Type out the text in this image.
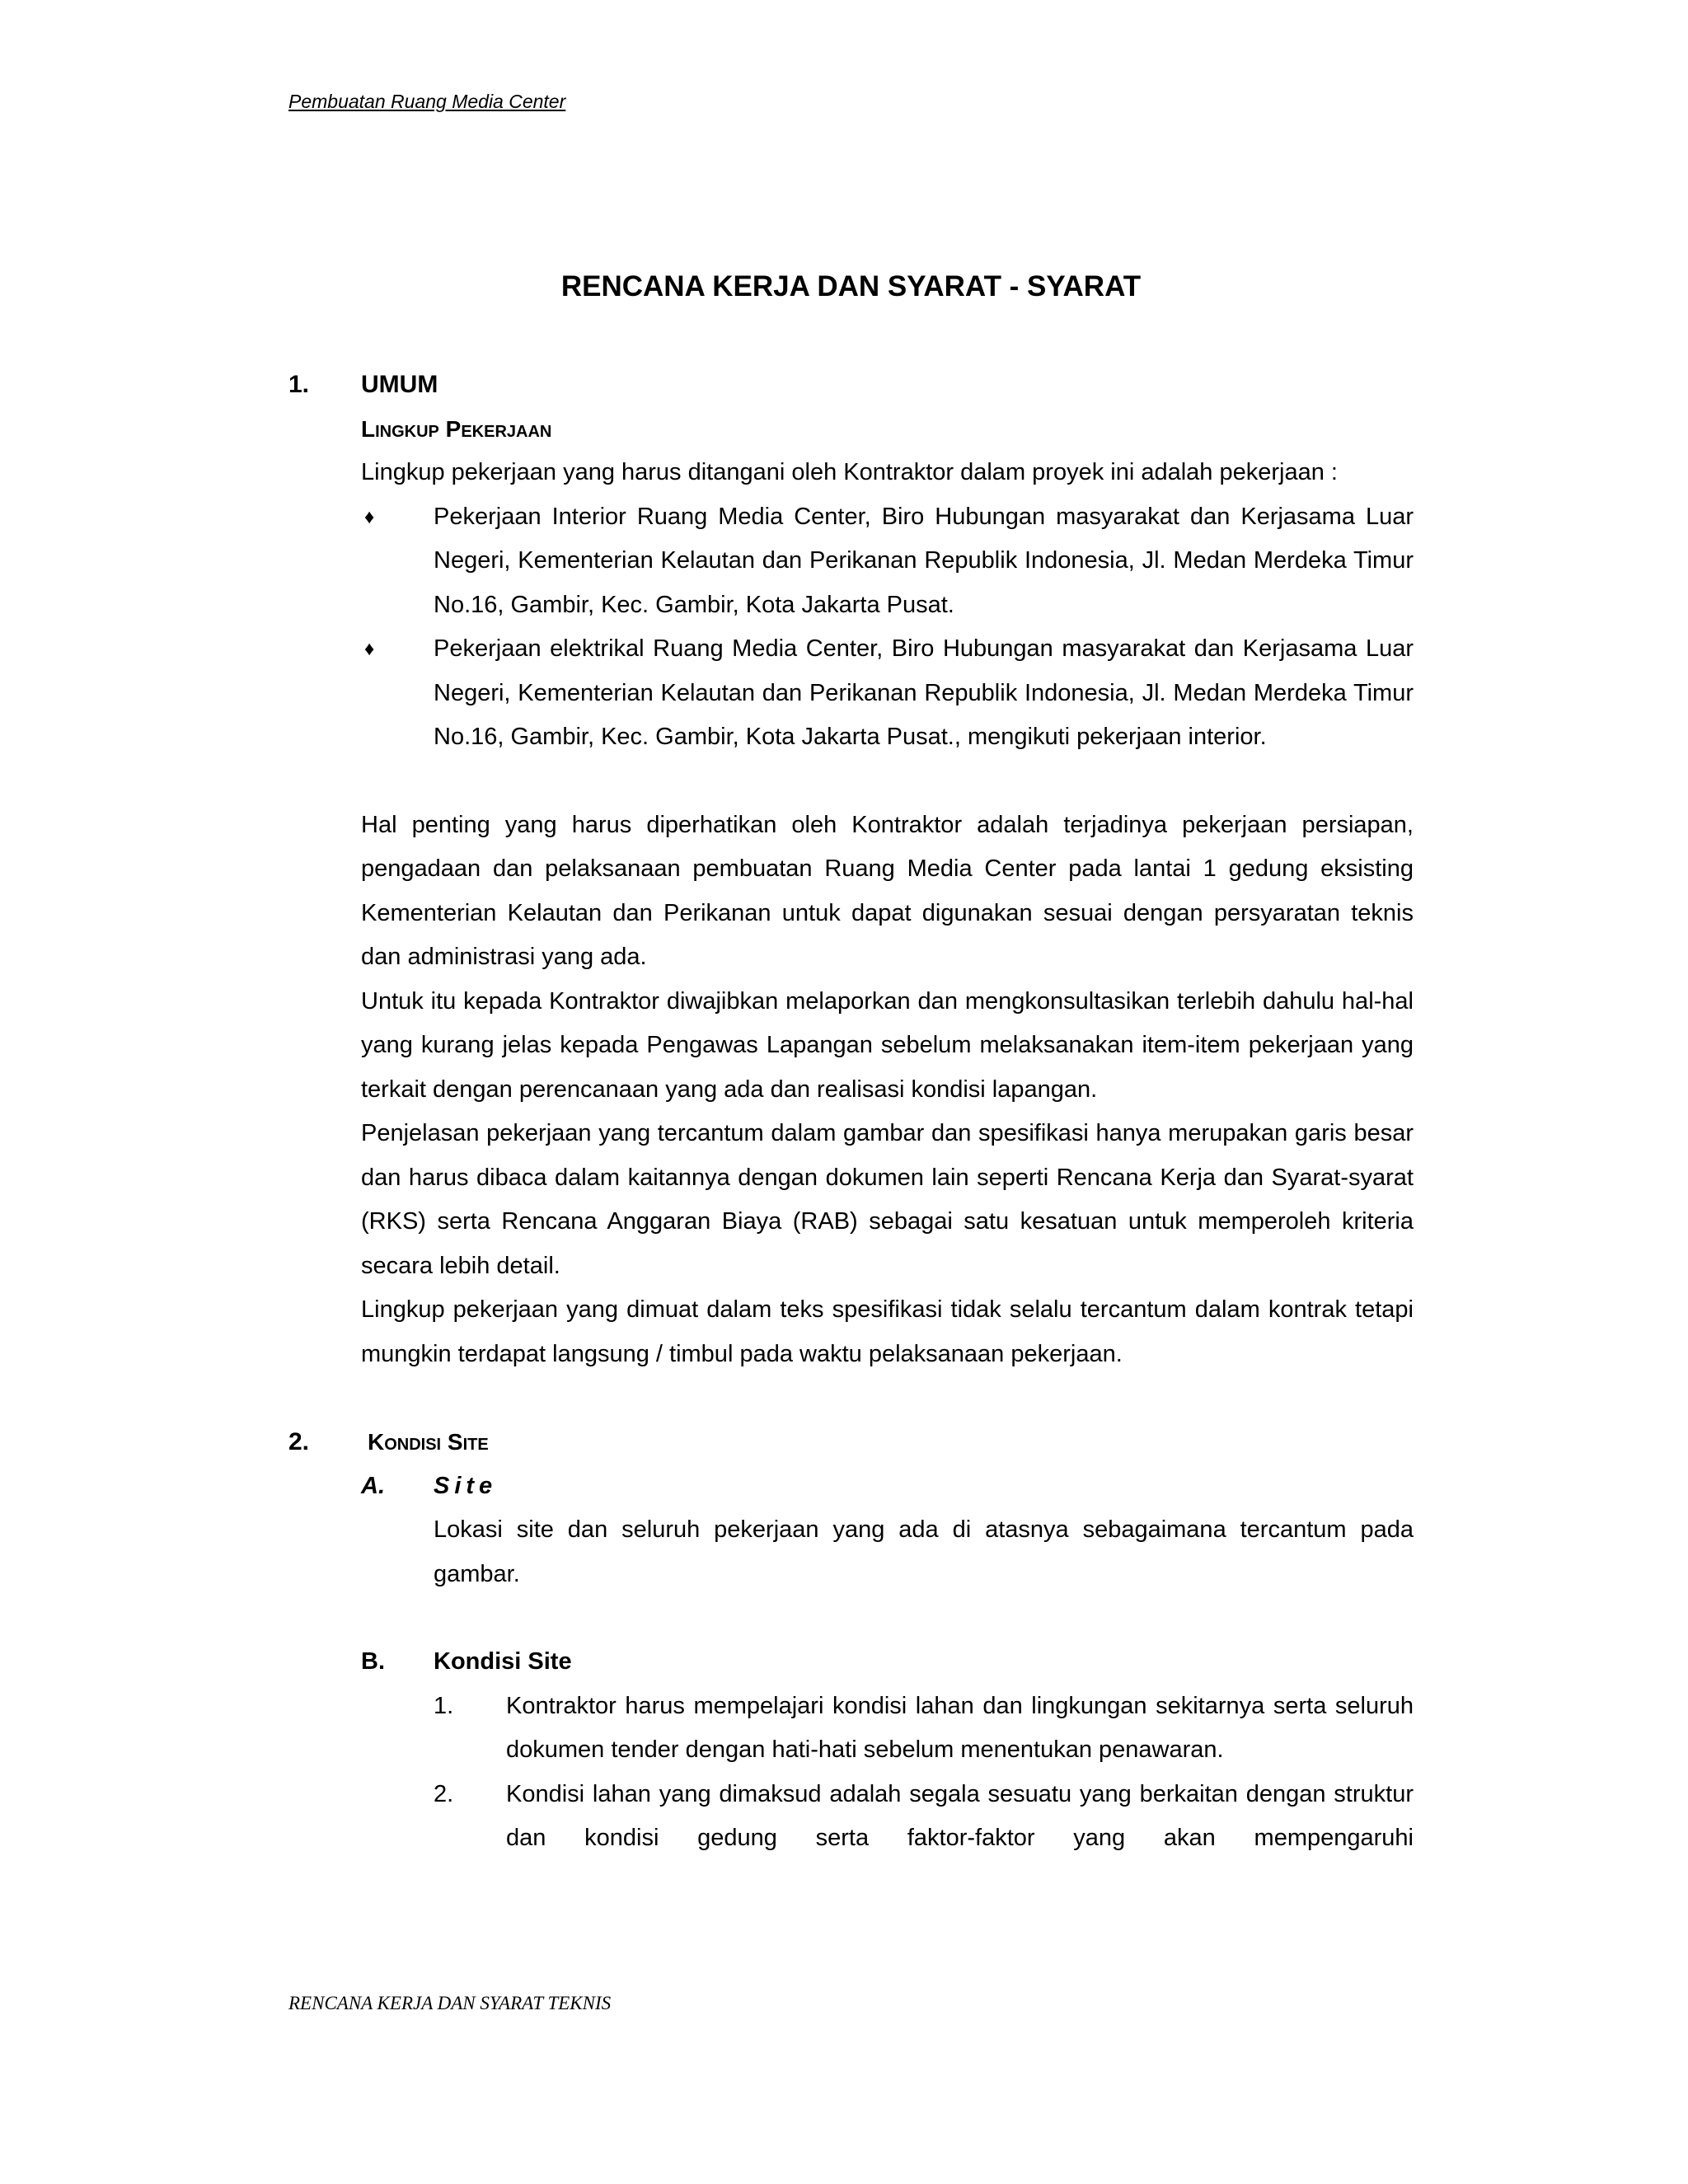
Pembuatan Ruang Media Center
RENCANA KERJA DAN SYARAT - SYARAT
1.	UMUM
Lingkup Pekerjaan

Lingkup pekerjaan yang harus ditangani oleh Kontraktor dalam proyek ini adalah pekerjaan :

♦	Pekerjaan Interior Ruang Media Center, Biro Hubungan masyarakat dan Kerjasama Luar Negeri, Kementerian Kelautan dan Perikanan Republik Indonesia, Jl. Medan Merdeka Timur No.16, Gambir, Kec. Gambir, Kota Jakarta Pusat.
♦	Pekerjaan elektrikal Ruang Media Center, Biro Hubungan masyarakat dan Kerjasama Luar Negeri, Kementerian Kelautan dan Perikanan Republik Indonesia, Jl. Medan Merdeka Timur No.16, Gambir, Kec. Gambir, Kota Jakarta Pusat., mengikuti pekerjaan interior.

Hal penting yang harus diperhatikan oleh Kontraktor adalah terjadinya pekerjaan persiapan, pengadaan dan pelaksanaan pembuatan Ruang Media Center pada lantai 1 gedung eksisting Kementerian Kelautan dan Perikanan untuk dapat digunakan sesuai dengan persyaratan teknis dan administrasi yang ada.

Untuk itu kepada Kontraktor diwajibkan melaporkan dan mengkonsultasikan terlebih dahulu hal-hal yang kurang jelas kepada Pengawas Lapangan sebelum melaksanakan item-item pekerjaan yang terkait dengan perencanaan yang ada dan realisasi kondisi lapangan.

Penjelasan pekerjaan yang tercantum dalam gambar dan spesifikasi hanya merupakan garis besar dan harus dibaca dalam kaitannya dengan dokumen lain seperti Rencana Kerja dan Syarat-syarat (RKS) serta Rencana Anggaran Biaya (RAB) sebagai satu kesatuan untuk memperoleh kriteria secara lebih detail.

Lingkup pekerjaan yang dimuat dalam teks spesifikasi tidak selalu tercantum dalam kontrak tetapi mungkin terdapat langsung / timbul pada waktu pelaksanaan pekerjaan.

2.	Kondisi Site
A.	Site

Lokasi site dan seluruh pekerjaan yang ada di atasnya sebagaimana tercantum pada gambar.

B.	Kondisi Site
1.	Kontraktor harus mempelajari kondisi lahan dan lingkungan sekitarnya serta seluruh dokumen tender dengan hati-hati sebelum menentukan penawaran.

2.	Kondisi lahan yang dimaksud adalah segala sesuatu yang berkaitan dengan struktur dan kondisi gedung serta faktor-faktor yang akan mempengaruhi

RENCANA KERJA DAN SYARAT TEKNIS
